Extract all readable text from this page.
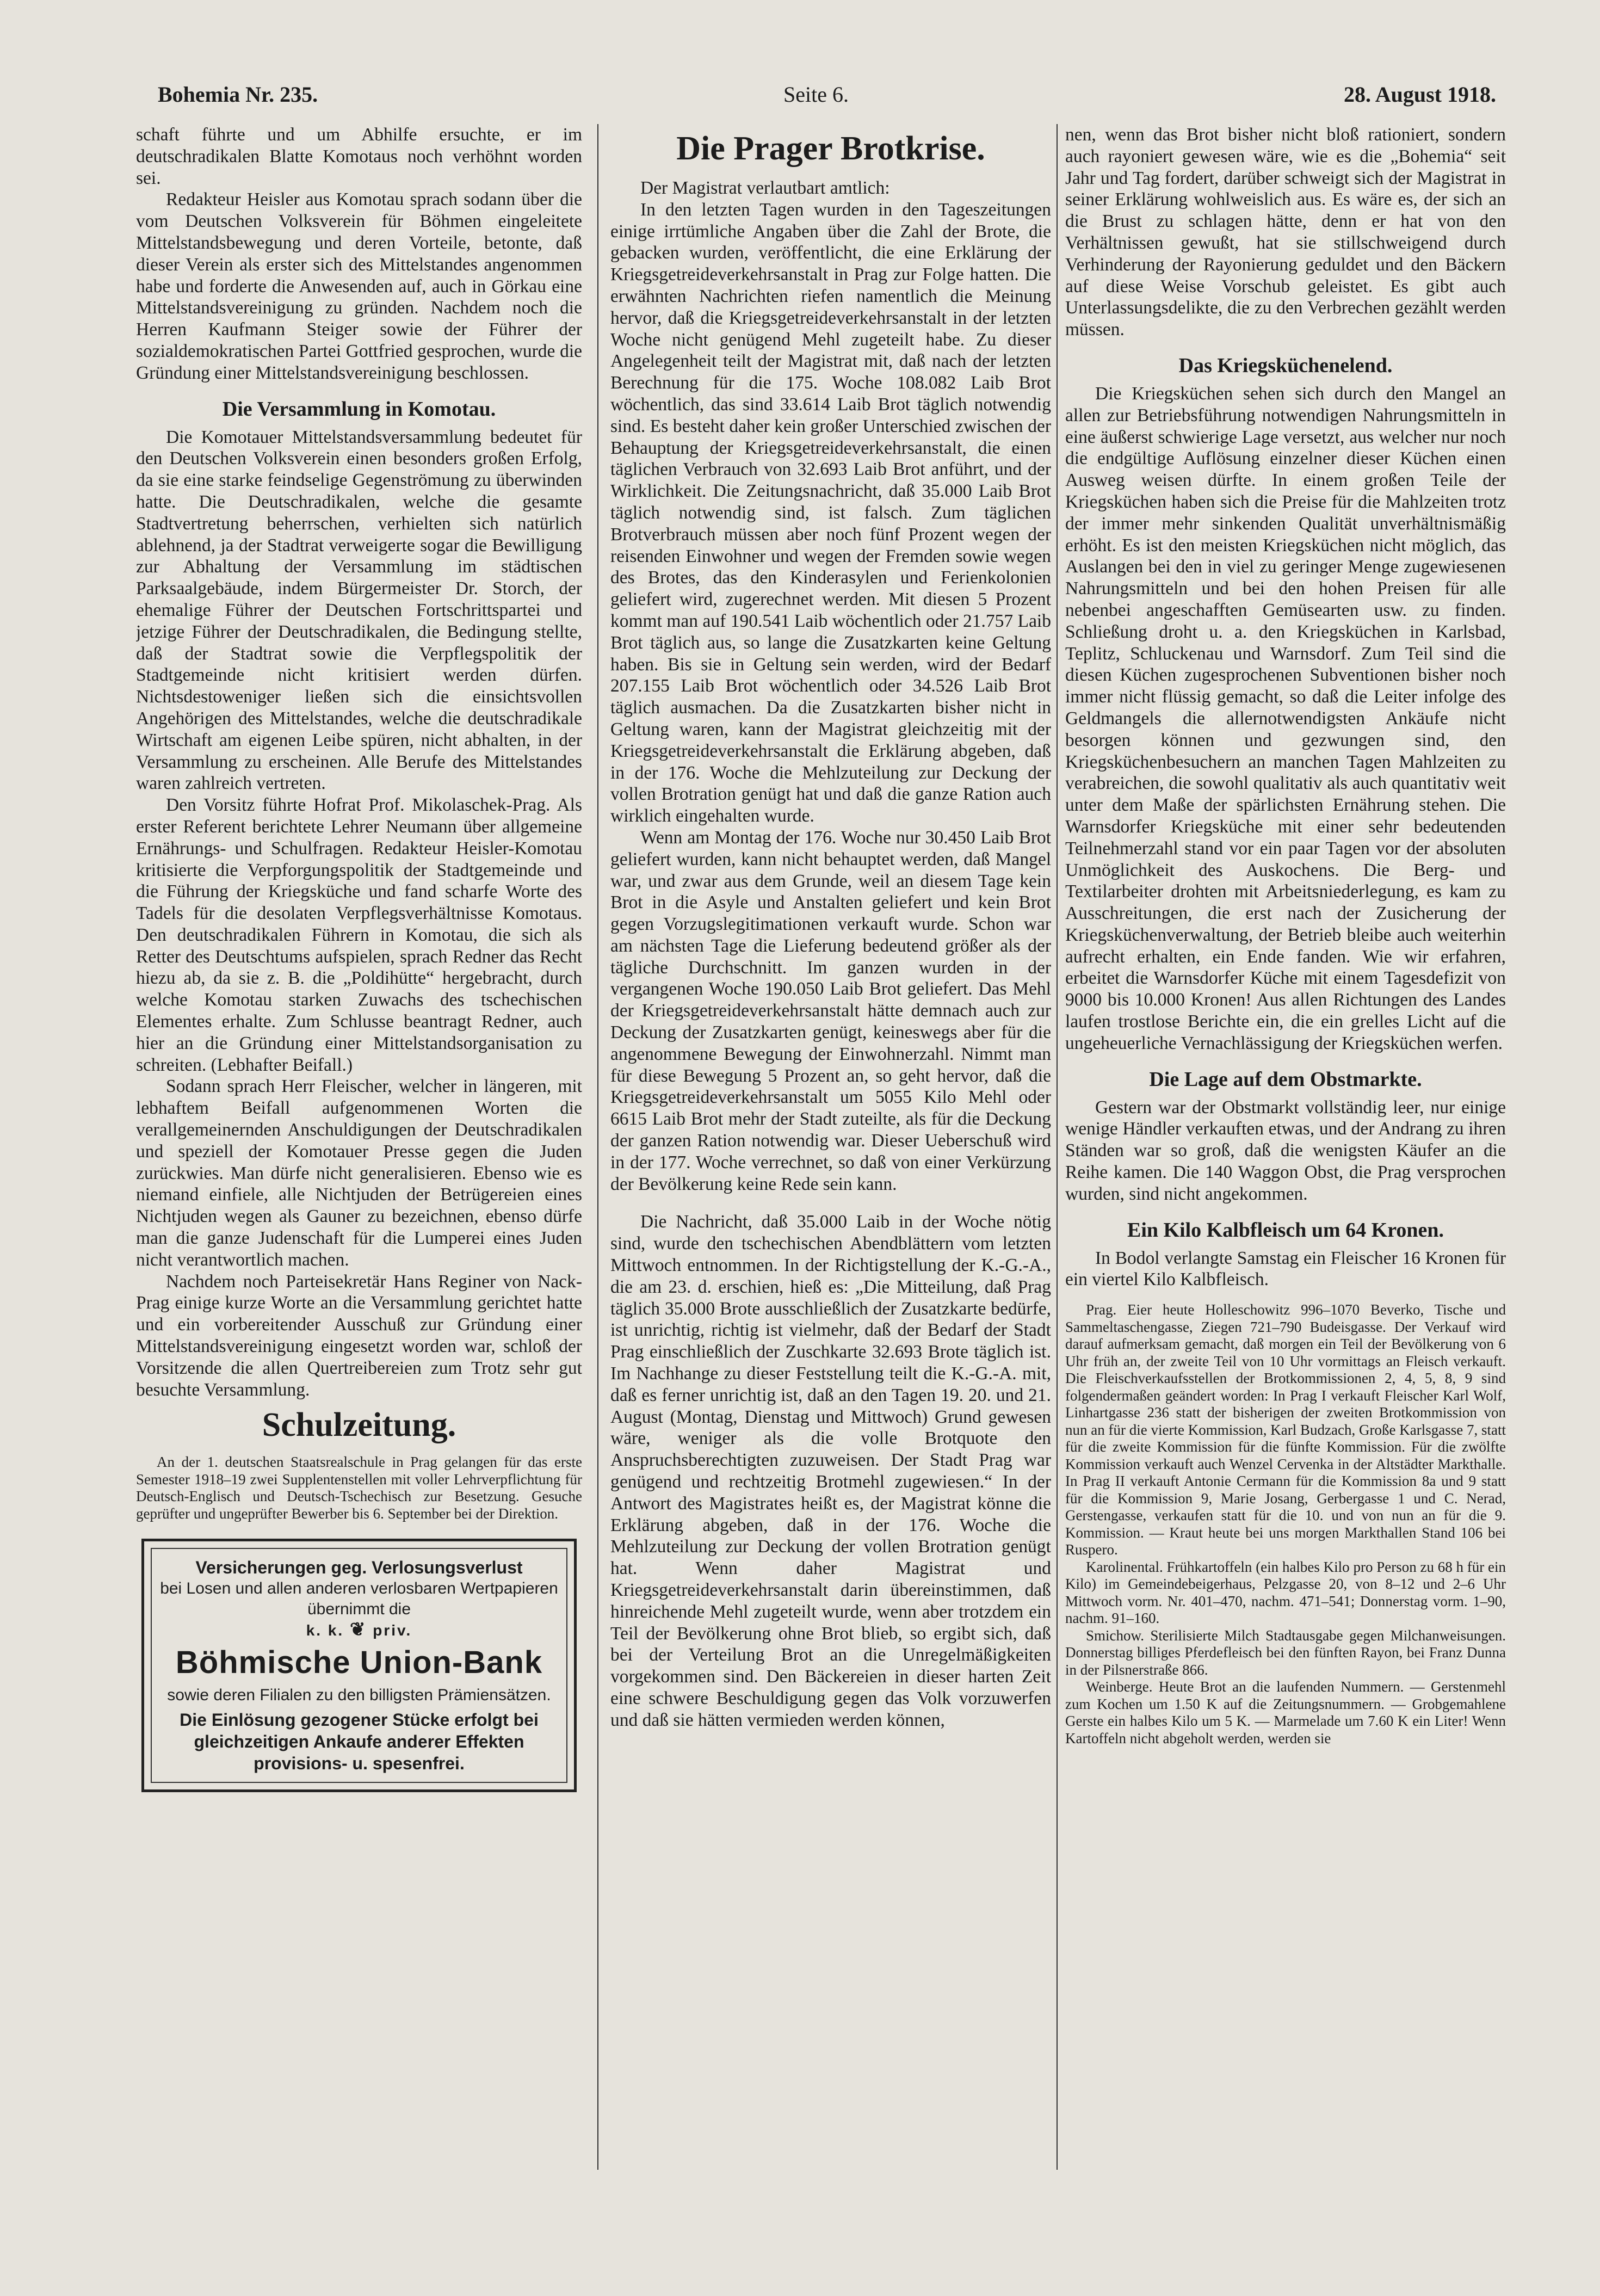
Bohemia Nr. 235.	Seite 6.	28. August 1918.

schaft führte und um Abhilfe ersuchte, er im deutschradikalen Blatte Komotaus noch verhöhnt worden sei.

Redakteur Heisler aus Komotau sprach sodann über die vom Deutschen Volksverein für Böhmen eingeleitete Mittelstandsbewegung und deren Vorteile, betonte, daß dieser Verein als erster sich des Mittelstandes angenommen habe und forderte die Anwesenden auf, auch in Görkau eine Mittelstandsvereinigung zu gründen. Nachdem noch die Herren Kaufmann Steiger sowie der Führer der sozialdemokratischen Partei Gottfried gesprochen, wurde die Gründung einer Mittelstandsvereinigung beschlossen.

Die Versammlung in Komotau.

Die Komotauer Mittelstandsversammlung bedeutet für den Deutschen Volksverein einen besonders großen Erfolg, da sie eine starke feindselige Gegenströmung zu überwinden hatte. Die Deutschradikalen, welche die gesamte Stadtvertretung beherrschen, verhielten sich natürlich ablehnend, ja der Stadtrat verweigerte sogar die Bewilligung zur Abhaltung der Versammlung im städtischen Parksaalgebäude, indem Bürgermeister Dr. Storch, der ehemalige Führer der Deutschen Fortschrittspartei und jetzige Führer der Deutschradikalen, die Bedingung stellte, daß der Stadtrat sowie die Verpflegspolitik der Stadtgemeinde nicht kritisiert werden dürfen. Nichtsdestoweniger ließen sich die einsichtsvollen Angehörigen des Mittelstandes, welche die deutschradikale Wirtschaft am eigenen Leibe spüren, nicht abhalten, in der Versammlung zu erscheinen. Alle Berufe des Mittelstandes waren zahlreich vertreten.

Den Vorsitz führte Hofrat Prof. Mikolaschek-Prag. Als erster Referent berichtete Lehrer Neumann über allgemeine Ernährungs- und Schulfragen. Redakteur Heisler-Komotau kritisierte die Verpforgungspolitik der Stadtgemeinde und die Führung der Kriegsküche und fand scharfe Worte des Tadels für die desolaten Verpflegsverhältnisse Komotaus. Den deutschradikalen Führern in Komotau, die sich als Retter des Deutschtums aufspielen, sprach Redner das Recht hiezu ab, da sie z. B. die „Poldihütte“ hergebracht, durch welche Komotau starken Zuwachs des tschechischen Elementes erhalte. Zum Schlusse beantragt Redner, auch hier an die Gründung einer Mittelstandsorganisation zu schreiten. (Lebhafter Beifall.)

Sodann sprach Herr Fleischer, welcher in längeren, mit lebhaftem Beifall aufgenommenen Worten die verallgemeinernden Anschuldigungen der Deutschradikalen und speziell der Komotauer Presse gegen die Juden zurückwies. Man dürfe nicht generalisieren. Ebenso wie es niemand einfiele, alle Nichtjuden der Betrügereien eines Nichtjuden wegen als Gauner zu bezeichnen, ebenso dürfe man die ganze Judenschaft für die Lumperei eines Juden nicht verantwortlich machen.

Nachdem noch Parteisekretär Hans Reginer von Nack-Prag einige kurze Worte an die Versammlung gerichtet hatte und ein vorbereitender Ausschuß zur Gründung einer Mittelstandsvereinigung eingesetzt worden war, schloß der Vorsitzende die allen Quertreibereien zum Trotz sehr gut besuchte Versammlung.

Schulzeitung.

An der 1. deutschen Staatsrealschule in Prag gelangen für das erste Semester 1918–19 zwei Supplentenstellen mit voller Lehrverpflichtung für Deutsch-Englisch und Deutsch-Tschechisch zur Besetzung. Gesuche geprüfter und ungeprüfter Bewerber bis 6. September bei der Direktion.

Versicherungen geg. Verlosungsverlust
bei Losen und allen anderen verlosbaren Wertpapieren übernimmt die
k. k. ❦ priv.
Böhmische Union-Bank
sowie deren Filialen zu den billigsten Prämiensätzen.
Die Einlösung gezogener Stücke erfolgt bei gleichzeitigen Ankaufe anderer Effekten
provisions- u. spesenfrei.
Die Prager Brotkrise.

Der Magistrat verlautbart amtlich:

In den letzten Tagen wurden in den Tageszeitungen einige irrtümliche Angaben über die Zahl der Brote, die gebacken wurden, veröffentlicht, die eine Erklärung der Kriegsgetreideverkehrsanstalt in Prag zur Folge hatten. Die erwähnten Nachrichten riefen namentlich die Meinung hervor, daß die Kriegsgetreideverkehrsanstalt in der letzten Woche nicht genügend Mehl zugeteilt habe. Zu dieser Angelegenheit teilt der Magistrat mit, daß nach der letzten Berechnung für die 175. Woche 108.082 Laib Brot wöchentlich, das sind 33.614 Laib Brot täglich notwendig sind. Es besteht daher kein großer Unterschied zwischen der Behauptung der Kriegsgetreideverkehrsanstalt, die einen täglichen Verbrauch von 32.693 Laib Brot anführt, und der Wirklichkeit. Die Zeitungsnachricht, daß 35.000 Laib Brot täglich notwendig sind, ist falsch. Zum täglichen Brotverbrauch müssen aber noch fünf Prozent wegen der reisenden Einwohner und wegen der Fremden sowie wegen des Brotes, das den Kinderasylen und Ferienkolonien geliefert wird, zugerechnet werden. Mit diesen 5 Prozent kommt man auf 190.541 Laib wöchentlich oder 21.757 Laib Brot täglich aus, so lange die Zusatzkarten keine Geltung haben. Bis sie in Geltung sein werden, wird der Bedarf 207.155 Laib Brot wöchentlich oder 34.526 Laib Brot täglich ausmachen. Da die Zusatzkarten bisher nicht in Geltung waren, kann der Magistrat gleichzeitig mit der Kriegsgetreideverkehrsanstalt die Erklärung abgeben, daß in der 176. Woche die Mehlzuteilung zur Deckung der vollen Brotration genügt hat und daß die ganze Ration auch wirklich eingehalten wurde.

Wenn am Montag der 176. Woche nur 30.450 Laib Brot geliefert wurden, kann nicht behauptet werden, daß Mangel war, und zwar aus dem Grunde, weil an diesem Tage kein Brot in die Asyle und Anstalten geliefert und kein Brot gegen Vorzugslegitimationen verkauft wurde. Schon war am nächsten Tage die Lieferung bedeutend größer als der tägliche Durchschnitt. Im ganzen wurden in der vergangenen Woche 190.050 Laib Brot geliefert. Das Mehl der Kriegsgetreideverkehrsanstalt hätte demnach auch zur Deckung der Zusatzkarten genügt, keineswegs aber für die angenommene Bewegung der Einwohnerzahl. Nimmt man für diese Bewegung 5 Prozent an, so geht hervor, daß die Kriegsgetreideverkehrsanstalt um 5055 Kilo Mehl oder 6615 Laib Brot mehr der Stadt zuteilte, als für die Deckung der ganzen Ration notwendig war. Dieser Ueberschuß wird in der 177. Woche verrechnet, so daß von einer Verkürzung der Bevölkerung keine Rede sein kann.

Die Nachricht, daß 35.000 Laib in der Woche nötig sind, wurde den tschechischen Abendblättern vom letzten Mittwoch entnommen. In der Richtigstellung der K.-G.-A., die am 23. d. erschien, hieß es: „Die Mitteilung, daß Prag täglich 35.000 Brote ausschließlich der Zusatzkarte bedürfe, ist unrichtig, richtig ist vielmehr, daß der Bedarf der Stadt Prag einschließlich der Zuschkarte 32.693 Brote täglich ist. Im Nachhange zu dieser Feststellung teilt die K.-G.-A. mit, daß es ferner unrichtig ist, daß an den Tagen 19. 20. und 21. August (Montag, Dienstag und Mittwoch) Grund gewesen wäre, weniger als die volle Brotquote den Anspruchsberechtigten zuzuweisen. Der Stadt Prag war genügend und rechtzeitig Brotmehl zugewiesen.“ In der Antwort des Magistrates heißt es, der Magistrat könne die Erklärung abgeben, daß in der 176. Woche die Mehlzuteilung zur Deckung der vollen Brotration genügt hat. Wenn daher Magistrat und Kriegsgetreideverkehrsanstalt darin übereinstimmen, daß hinreichende Mehl zugeteilt wurde, wenn aber trotzdem ein Teil der Bevölkerung ohne Brot blieb, so ergibt sich, daß bei der Verteilung Brot an die Unregelmäßigkeiten vorgekommen sind. Den Bäckereien in dieser harten Zeit eine schwere Beschuldigung gegen das Volk vorzuwerfen und daß sie hätten vermieden werden können,

nen, wenn das Brot bisher nicht bloß rationiert, sondern auch rayoniert gewesen wäre, wie es die „Bohemia“ seit Jahr und Tag fordert, darüber schweigt sich der Magistrat in seiner Erklärung wohlweislich aus. Es wäre es, der sich an die Brust zu schlagen hätte, denn er hat von den Verhältnissen gewußt, hat sie stillschweigend durch Verhinderung der Rayonierung geduldet und den Bäckern auf diese Weise Vorschub geleistet. Es gibt auch Unterlassungsdelikte, die zu den Verbrechen gezählt werden müssen.

Das Kriegsküchenelend.

Die Kriegsküchen sehen sich durch den Mangel an allen zur Betriebsführung notwendigen Nahrungsmitteln in eine äußerst schwierige Lage versetzt, aus welcher nur noch die endgültige Auflösung einzelner dieser Küchen einen Ausweg weisen dürfte. In einem großen Teile der Kriegsküchen haben sich die Preise für die Mahlzeiten trotz der immer mehr sinkenden Qualität unverhältnismäßig erhöht. Es ist den meisten Kriegsküchen nicht möglich, das Auslangen bei den in viel zu geringer Menge zugewiesenen Nahrungsmitteln und bei den hohen Preisen für alle nebenbei angeschafften Gemüsearten usw. zu finden. Schließung droht u. a. den Kriegsküchen in Karlsbad, Teplitz, Schluckenau und Warnsdorf. Zum Teil sind die diesen Küchen zugesprochenen Subventionen bisher noch immer nicht flüssig gemacht, so daß die Leiter infolge des Geldmangels die allernotwendigsten Ankäufe nicht besorgen können und gezwungen sind, den Kriegsküchenbesuchern an manchen Tagen Mahlzeiten zu verabreichen, die sowohl qualitativ als auch quantitativ weit unter dem Maße der spärlichsten Ernährung stehen. Die Warnsdorfer Kriegsküche mit einer sehr bedeutenden Teilnehmerzahl stand vor ein paar Tagen vor der absoluten Unmöglichkeit des Auskochens. Die Berg- und Textilarbeiter drohten mit Arbeitsniederlegung, es kam zu Ausschreitungen, die erst nach der Zusicherung der Kriegsküchenverwaltung, der Betrieb bleibe auch weiterhin aufrecht erhalten, ein Ende fanden. Wie wir erfahren, erbeitet die Warnsdorfer Küche mit einem Tagesdefizit von 9000 bis 10.000 Kronen! Aus allen Richtungen des Landes laufen trostlose Berichte ein, die ein grelles Licht auf die ungeheuerliche Vernachlässigung der Kriegsküchen werfen.

Die Lage auf dem Obstmarkte.

Gestern war der Obstmarkt vollständig leer, nur einige wenige Händler verkauften etwas, und der Andrang zu ihren Ständen war so groß, daß die wenigsten Käufer an die Reihe kamen. Die 140 Waggon Obst, die Prag versprochen wurden, sind nicht angekommen.

Ein Kilo Kalbfleisch um 64 Kronen.

In Bodol verlangte Samstag ein Fleischer 16 Kronen für ein viertel Kilo Kalbfleisch.

Prag. Eier heute Holleschowitz 996–1070 Beverko, Tische und Sammeltaschengasse, Ziegen 721–790 Budeisgasse. Der Verkauf wird darauf aufmerksam gemacht, daß morgen ein Teil der Bevölkerung von 6 Uhr früh an, der zweite Teil von 10 Uhr vormittags an Fleisch verkauft. Die Fleischverkaufsstellen der Brotkommissionen 2, 4, 5, 8, 9 sind folgendermaßen geändert worden: In Prag I verkauft Fleischer Karl Wolf, Linhartgasse 236 statt der bisherigen der zweiten Brotkommission von nun an für die vierte Kommission, Karl Budzach, Große Karlsgasse 7, statt für die zweite Kommission für die fünfte Kommission. Für die zwölfte Kommission verkauft auch Wenzel Cervenka in der Altstädter Markthalle. In Prag II verkauft Antonie Cermann für die Kommission 8a und 9 statt für die Kommission 9, Marie Josang, Gerbergasse 1 und C. Nerad, Gerstengasse, verkaufen statt für die 10. und von nun an für die 9. Kommission. — Kraut heute bei uns morgen Markthallen Stand 106 bei Ruspero.

Karolinental. Frühkartoffeln (ein halbes Kilo pro Person zu 68 h für ein Kilo) im Gemeindebeigerhaus, Pelzgasse 20, von 8–12 und 2–6 Uhr Mittwoch vorm. Nr. 401–470, nachm. 471–541; Donnerstag vorm. 1–90, nachm. 91–160.

Smichow. Sterilisierte Milch Stadtausgabe gegen Milchanweisungen. Donnerstag billiges Pferdefleisch bei den fünften Rayon, bei Franz Dunna in der Pilsnerstraße 866.

Weinberge. Heute Brot an die laufenden Nummern. — Gerstenmehl zum Kochen um 1.50 K auf die Zeitungsnummern. — Grobgemahlene Gerste ein halbes Kilo um 5 K. — Marmelade um 7.60 K ein Liter! Wenn Kartoffeln nicht abgeholt werden, werden sie
